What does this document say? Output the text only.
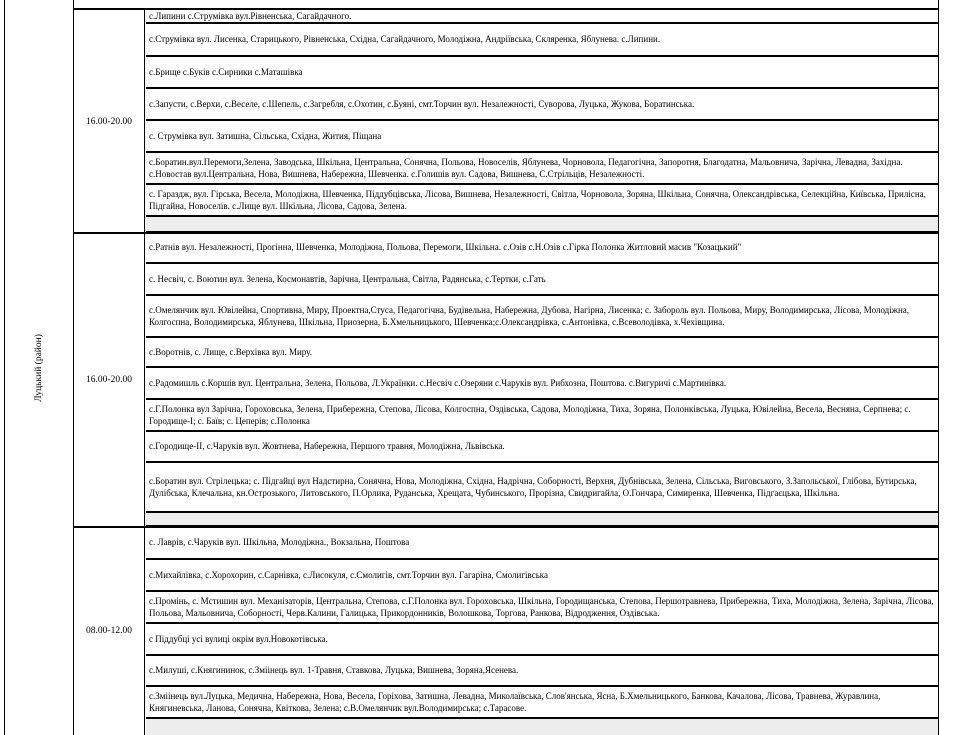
Луцький (район)
16.00-20.00
с.Липини с.Струмівка вул.Рівненська, Сагайдачного.
с.Струмівка вул. Лисенка, Старицького, Рівненська, Східна, Сагайдачного, Молодіжна, Андріївська, Скляренка, Яблунева. с.Липини.
с.Брище с.Буків с.Сирники с.Маташівка
с.Запусти, с.Верхи, с.Веселе, с.Шепель, с.Загребля, с.Охотин, с.Буяні, смт.Торчин вул. Незалежності, Суворова, Луцька, Жукова, Боратинська.
с. Струмівка вул. Затишна, Сільська, Східна, Жития, Піщана
с.Боратин.вул.Перемоги,Зелена, Заводська, Шкільна, Центральна, Сонячна, Польова, Новоселів, Яблунева, Чорновола, Педагогічна, Запоротня, Благодатна, Мальовнича, Зарічна, Левадна, Західна. с.Новостав вул.Центральна, Нова, Вишнева, Набережна, Шевченка. с.Голишів вул. Садова, Вишнева, С.Стрільців, Незалежності.
с. Гараздж, вул. Гірська, Весела, Молодіжна, Шевченка, Піддубцівська, Лісова, Вишнева, Незалежності, Світла, Чорновола, Зоряна, Шкільна, Сонячна, Олександрівська, Селекційна, Київська, Прилісна, Підгайна, Новоселів. с.Лище вул. Шкільна, Лісова, Садова, Зелена.
16.00-20.00
с.Ратнів вул. Незалежності, Прогінна, Шевченка, Молодіжна, Польова, Перемоги, Шкільна. с.Озів с.Н.Озів с.Гірка Полонка Житловий масив "Козацький"
с. Несвіч, с. Воютин вул. Зелена, Космонавтів, Зарічна, Центральна, Світла, Радянська, с.Тертки, с.Гать
с.Омелянчик вул. Ювілейна, Спортивна, Миру, Проектна,Стуса, Педагогічна, Будівельна, Набережна, Дубова, Нагірна, Лисенка; с. Забороль вул. Польова, Миру, Володимирська, Лісова, Молодіжна, Колгоспна, Володимирська, Яблунева, Шкільна, Приозерна, Б.Хмельницького, Шевченка;с.Олександрівка, с.Антонівка, с.Всеволодівка, х.Чехівщина.
с.Воротнів, с. Лище, с.Верхівка вул. Миру.
с.Радомишль с.Коршів вул. Центральна, Зелена, Польова, Л.Українки. с.Несвіч с.Озеряни с.Чаруків вул. Рибхозна, Поштова. с.Вигуричі с.Мартинівка.
с.Г.Полонка вул Зарічна, Гороховська, Зелена, Прибережна, Степова, Лісова, Колгоспна, Оздівська, Садова, Молодіжна, Тиха, Зоряна, Полонківська, Луцька, Ювілейна, Весела, Веснянa, Серпнева; с. Городище-І; с. Баїв; с. Цеперів; с.Полонка
с.Городище-ІІ, с.Чаруків вул. Жовтнева, Набережна, Першого травня, Молодіжна, Львівська.
с.Боратин вул. Стрілецька; с. Підгайці вул Надстирна, Сонячна, Нова, Молодіжна, Східна, Надрічна, Соборності, Верхня, Дубнівська, Зелена, Сільська, Виговського, З.Запольської, Глібова, Бутирська, Дулібська, Клечальна, кн.Острозького, Литовського, П.Орлика, Руданська, Хрещата, Чубинського, Прорізна, Свидригайла, О.Гончара, Симиренка, Шевченка, Підгаєцька, Шкільна.
08.00-12.00
с. Лаврів, с.Чаруків вул. Шкільна, Молодіжна., Вокзальна, Поштова
с.Михайлівка, с.Хорохорин, с.Сарнівка, с.Лисокуля, с.Смолигів, смт.Торчин вул. Гагаріна, Смолигівська
с.Промінь, с. Мстишин вул. Механізаторів, Центральна, Степова, с.Г.Полонка вул. Гороховська, Шкільна, Городищанська, Степова, Першотравнева, Прибережна, Тиха, Молодіжна, Зелена, Зарічна, Лісова, Польова, Мальовнича, Соборності, Черв.Калини, Галицька, Прикордонників, Волошкова, Торгова, Ранкова, Відродження, Оздівська.
с Піддубці усі вулиці окрім вул.Новокотівська.
с.Милуші, с.Княгининок, с.Зміінець вул. 1-Травня, Ставкова, Луцька, Вишнева, Зоряна,Ясенева.
с.Зміінець вул.Луцька, Медична, Набережна, Нова, Весела, Горіхова, Затишна, Левадна, Миколаївська, Слов'янська, Ясна, Б.Хмельницького, Банкова, Качалова, Лісова, Травнева, Журавлина, Княгиневська, Ланова, Сонячна, Квіткова, Зелена; с.В.Омелянчик вул.Володимирська; с.Тарасове.
